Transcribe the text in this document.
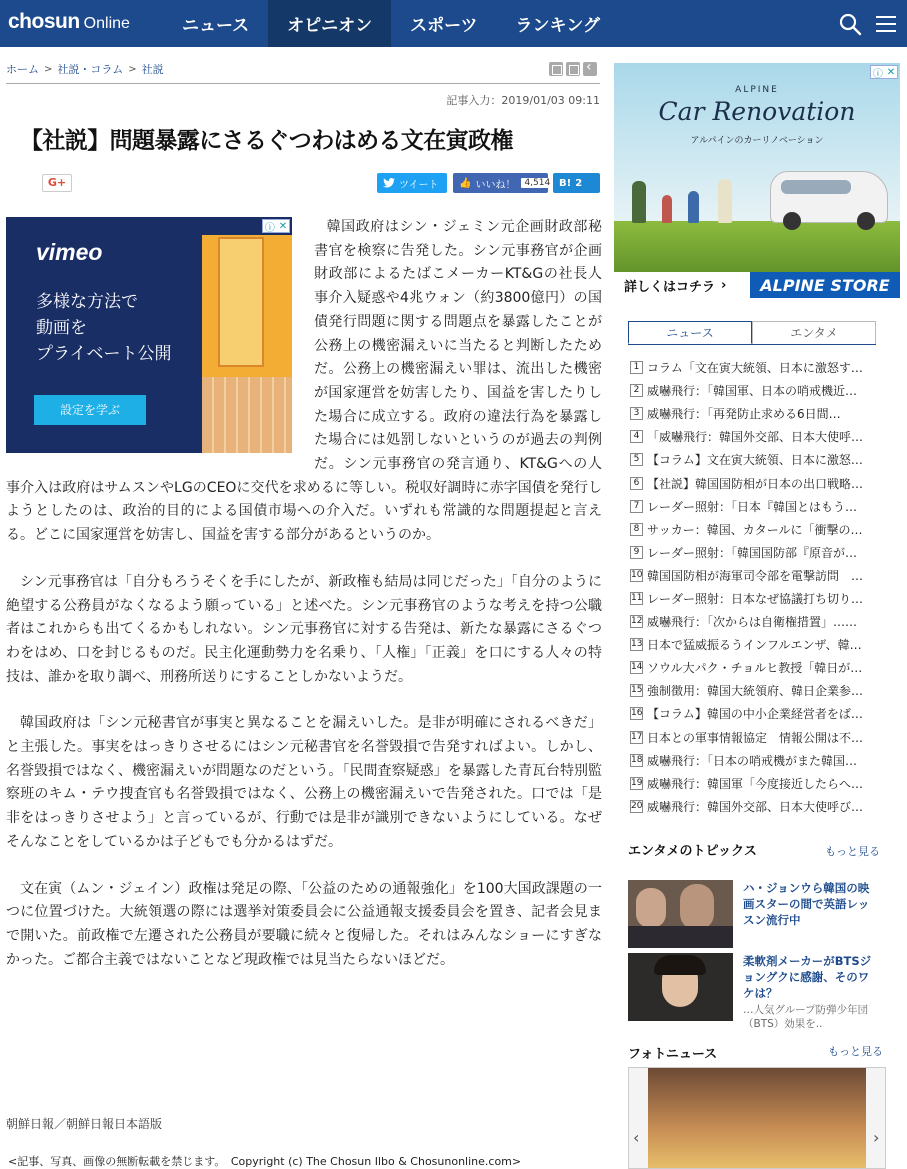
chosun Online	ニュース	オピニオン	スポーツ	ランキング
ホーム > 社説・コラム > 社説
‹
記事入力：2019/01/03 09:11
【社説】問題暴露にさるぐつわはめる文在寅政権
G+	ツイート 👍 いいね！	4,514 B! 2
vimeo
多様な方法で
動画を
プライベート公開
設定を学ぶ
ⓘ ✕	韓国政府はシン・ジェミン元企画財政部秘書官を検察に告発した。シン元事務官が企画財政部によるたばこメーカーKT&Gの社長人事介入疑惑や4兆ウォン（約3800億円）の国債発行問題に関する問題点を暴露したことが公務上の機密漏えいに当たると判断したためだ。公務上の機密漏えい罪は、流出した機密が国家運営を妨害したり、国益を害したりした場合に成立する。政府の違法行為を暴露した場合には処罰しないというのが過去の判例だ。シン元事務官の発言通り、KT&Gへの人事介入は政府はサムスンやLGのCEOに交代を求めるに等しい。税収好調時に赤字国債を発行しようとしたのは、政治的目的による国債市場への介入だ。いずれも常識的な問題提起と言える。どこに国家運営を妨害し、国益を害する部分があるというのか。

シン元事務官は「自分もろうそくを手にしたが、新政権も結局は同じだった」「自分のように絶望する公務員がなくなるよう願っている」と述べた。シン元事務官のような考えを持つ公職者はこれからも出てくるかもしれない。シン元事務官に対する告発は、新たな暴露にさるぐつわをはめ、口を封じるものだ。民主化運動勢力を名乗り、「人権」「正義」を口にする人々の特技は、誰かを取り調べ、刑務所送りにすることしかないようだ。

韓国政府は「シン元秘書官が事実と異なることを漏えいした。是非が明確にされるべきだ」と主張した。事実をはっきりさせるにはシン元秘書官を名誉毀損で告発すればよい。しかし、名誉毀損ではなく、機密漏えいが問題なのだという。「民間査察疑惑」を暴露した青瓦台特別監察班のキム・テウ捜査官も名誉毀損ではなく、公務上の機密漏えいで告発された。口では「是非をはっきりさせよう」と言っているが、行動では是非が識別できないようにしている。なぜそんなことをしているかは子どもでも分かるはずだ。

文在寅（ムン・ジェイン）政権は発足の際、「公益のための通報強化」を100大国政課題の一つに位置づけた。大統領選の際には選挙対策委員会に公益通報支援委員会を置き、記者会見まで開いた。前政権で左遷された公務員が要職に続々と復帰した。それはみんなショーにすぎなかった。ご都合主義ではないことなど現政権では見当たらないほどだ。

朝鮮日報／朝鮮日報日本語版
<記事、写真、画像の無断転載を禁じます。　Copyright (c) The Chosun Ilbo & Chosunonline.com>
ALPINE
Car Renovation
アルパインのカーリノベーション
詳しくはコチラ ›	ALPINE STORE
ⓘ ✕
ニュース	エンタメ
1 コラム「文在寅大統領、日本に激怒す…
2 威嚇飛行：「韓国軍、日本の哨戒機近…
3 威嚇飛行：「再発防止求める6日間…
4 「威嚇飛行：韓国外交部、日本大使呼…
5 【コラム】文在寅大統領、日本に激怒…
6 【社説】韓国国防相が日本の出口戦略…
7 レーダー照射：「日本『韓国とはもう…
8 サッカー：韓国、カタールに「衝撃の…
9 レーダー照射：「韓国国防部『原音が…
10 韓国国防相が海軍司令部を電撃訪問　…
11 レーダー照射：日本なぜ協議打ち切り…
12 威嚇飛行：「次からは自衛権措置」……
13 日本で猛威振るうインフルエンザ、韓…
14 ソウル大パク・チョルヒ教授「韓日が…
15 強制徴用：韓国大統領府、韓日企業参…
16 【コラム】韓国の中小企業経営者をば…
17 日本との軍事情報協定　情報公開は不…
18 威嚇飛行：「日本の哨戒機がまた韓国…
19 威嚇飛行：韓国軍「今度接近したらへ…
20 威嚇飛行：韓国外交部、日本大使呼び…
エンタメのトピックス	もっと見る
ハ・ジョンウら韓国の映画スターの間で英語レッスン流行中
柔軟剤メーカーがBTSジョングクに感謝、そのワケは？
…人気グループ防弾少年団（BTS）効果を..
フォトニュース	もっと見る
‹	›
